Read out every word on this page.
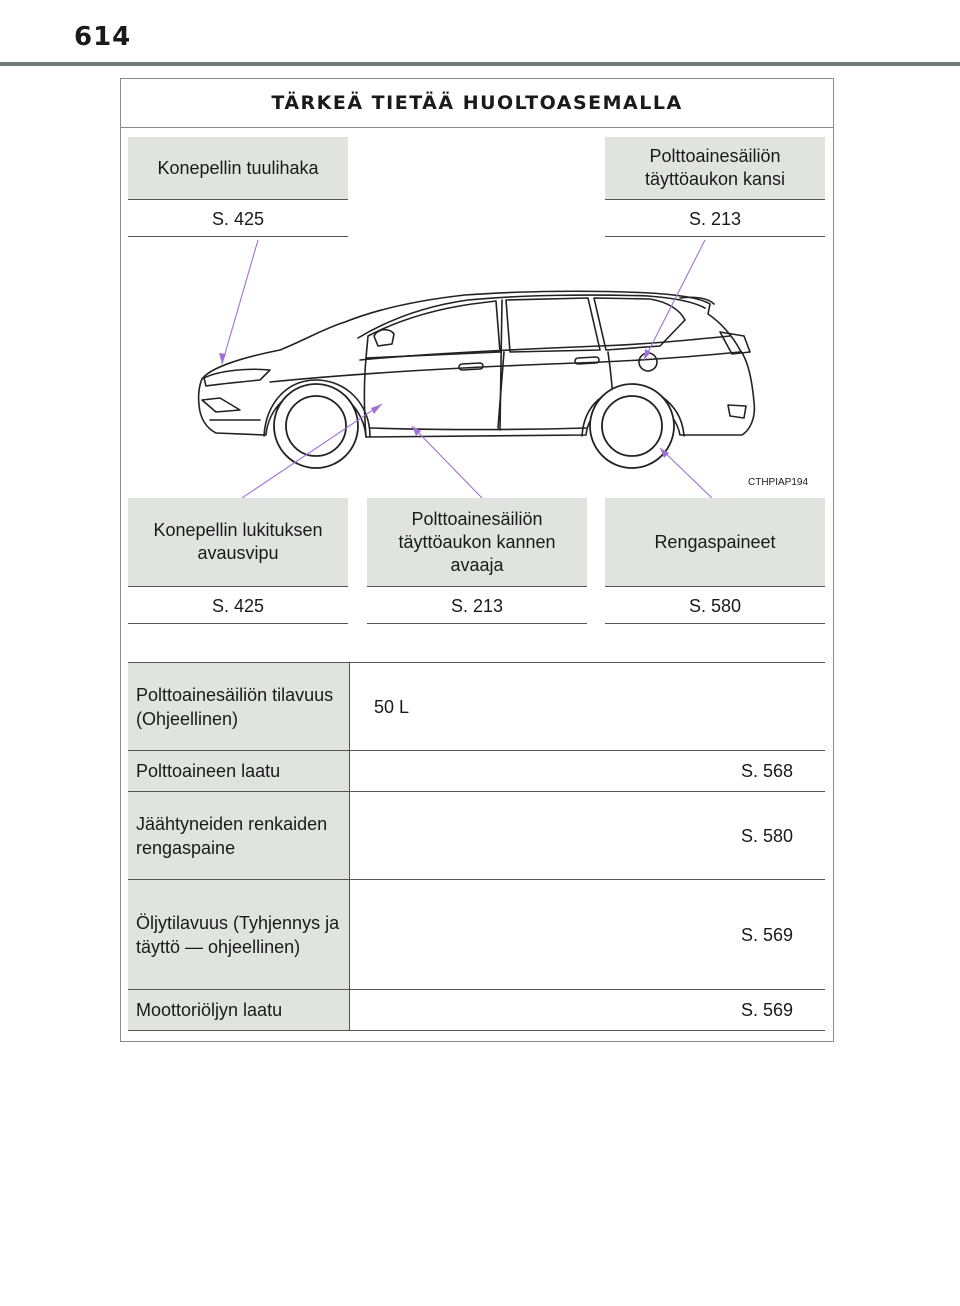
614
TÄRKEÄ TIETÄÄ HUOLTOASEMALLA
Konepellin tuulihaka
S. 425
Polttoainesäiliön täyttöaukon kansi
S. 213
CTHPIAP194
Konepellin lukituksen avausvipu
S. 425
Polttoainesäiliön täyttöaukon kannen avaaja
S. 213
Rengaspaineet
S. 580
Polttoainesäiliön tilavuus (Ohjeellinen)	50 L
Polttoaineen laatu	S. 568
Jäähtyneiden renkaiden rengaspaine	S. 580
Öljytilavuus (Tyhjennys ja täyttö — ohjeellinen)	S. 569
Moottoriöljyn laatu	S. 569
